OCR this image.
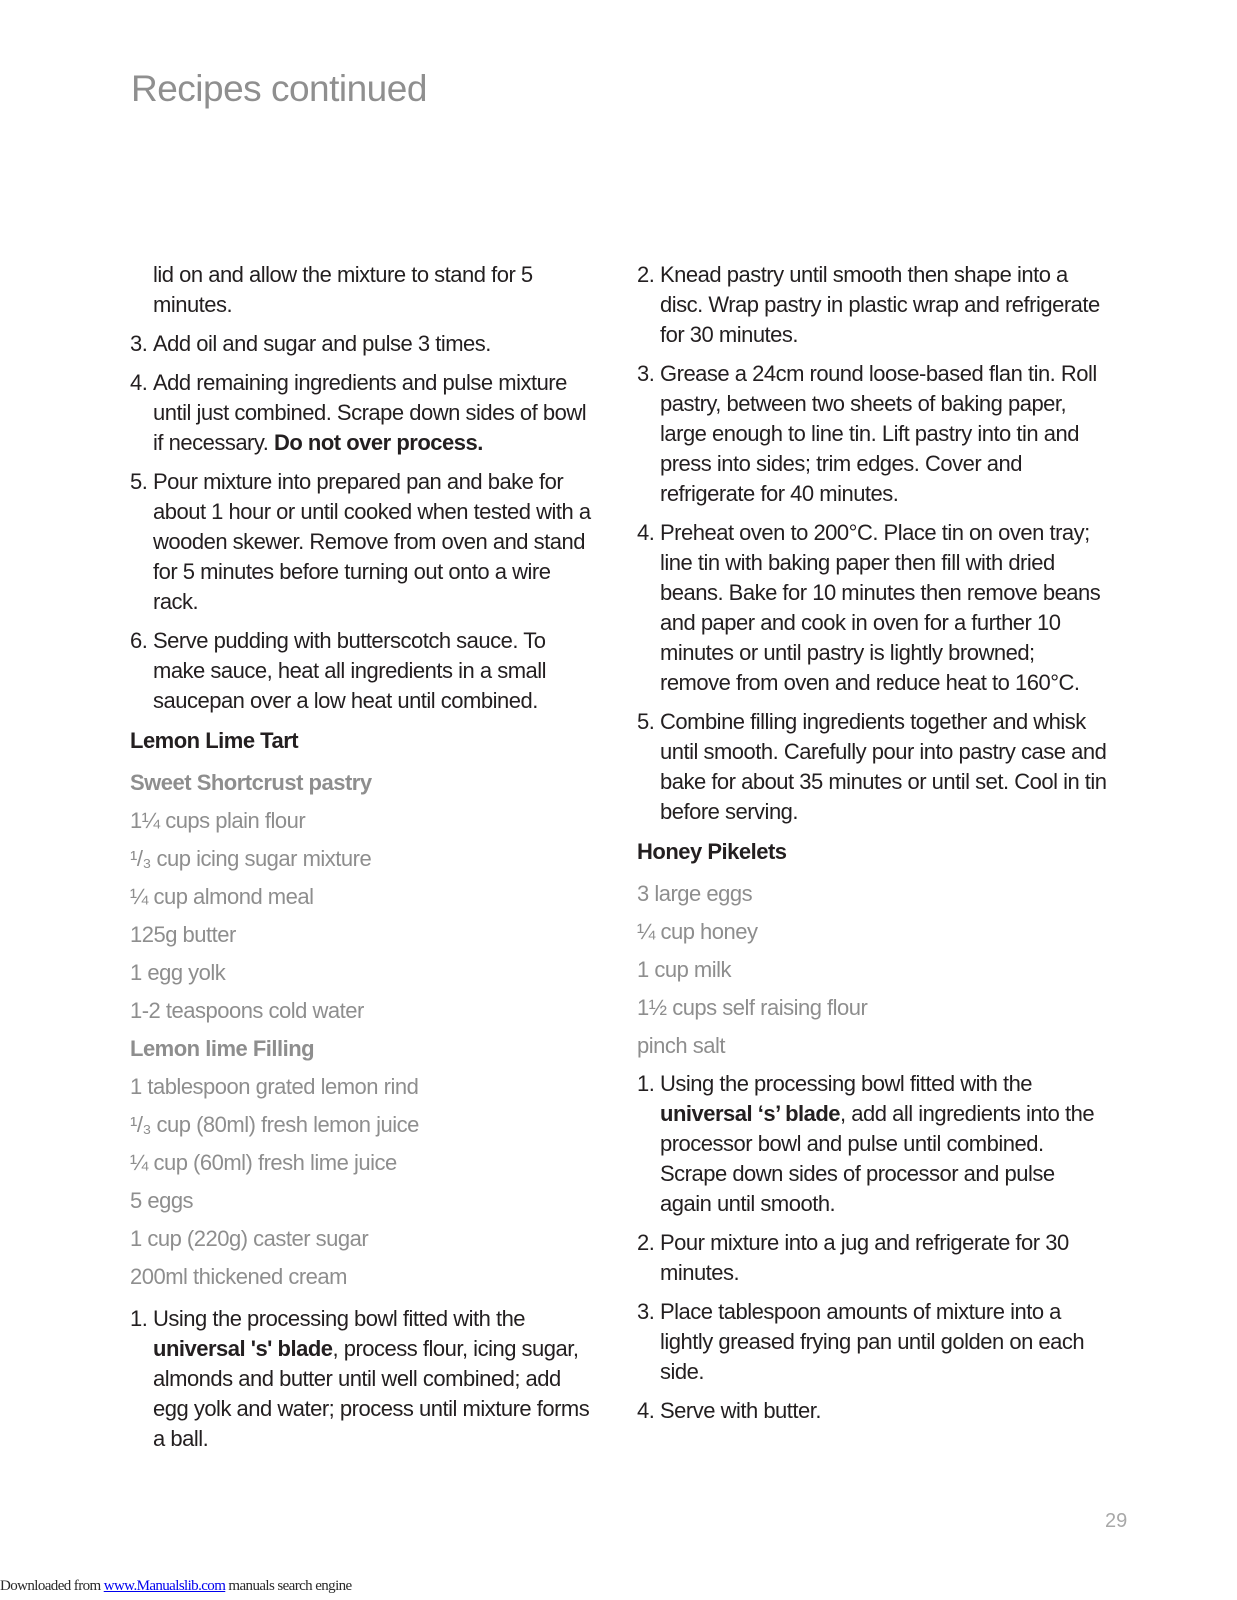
Recipes continued

lid on and allow the mixture to stand for 5 minutes.

3. Add oil and sugar and pulse 3 times.
4. Add remaining ingredients and pulse mixture until just combined. Scrape down sides of bowl if necessary. Do not over process.
5. Pour mixture into prepared pan and bake for about 1 hour or until cooked when tested with a wooden skewer. Remove from oven and stand for 5 minutes before turning out onto a wire rack.
6. Serve pudding with butterscotch sauce. To make sauce, heat all ingredients in a small saucepan over a low heat until combined.
Lemon Lime Tart
Sweet Shortcrust pastry
1¼ cups plain flour
¹/₃ cup icing sugar mixture
¼ cup almond meal
125g butter
1 egg yolk
1-2 teaspoons cold water
Lemon lime Filling
1 tablespoon grated lemon rind
¹/₃ cup (80ml) fresh lemon juice
¼ cup (60ml) fresh lime juice
5 eggs
1 cup (220g) caster sugar
200ml thickened cream
1. Using the processing bowl fitted with the universal 's' blade, process flour, icing sugar, almonds and butter until well combined; add egg yolk and water; process until mixture forms a ball.
2. Knead pastry until smooth then shape into a disc. Wrap pastry in plastic wrap and refrigerate for 30 minutes.
3. Grease a 24cm round loose-based flan tin. Roll pastry, between two sheets of baking paper, large enough to line tin. Lift pastry into tin and press into sides; trim edges. Cover and refrigerate for 40 minutes.
4. Preheat oven to 200°C. Place tin on oven tray; line tin with baking paper then fill with dried beans. Bake for 10 minutes then remove beans and paper and cook in oven for a further 10 minutes or until pastry is lightly browned; remove from oven and reduce heat to 160°C.
5. Combine filling ingredients together and whisk until smooth. Carefully pour into pastry case and bake for about 35 minutes or until set. Cool in tin before serving.
Honey Pikelets
3 large eggs
¼ cup honey
1 cup milk
1½ cups self raising flour
pinch salt
1. Using the processing bowl fitted with the universal ‘s’ blade, add all ingredients into the processor bowl and pulse until combined. Scrape down sides of processor and pulse again until smooth.
2. Pour mixture into a jug and refrigerate for 30 minutes.
3. Place tablespoon amounts of mixture into a lightly greased frying pan until golden on each side.
4. Serve with butter.
29
Downloaded from www.Manualslib.com manuals search engine
